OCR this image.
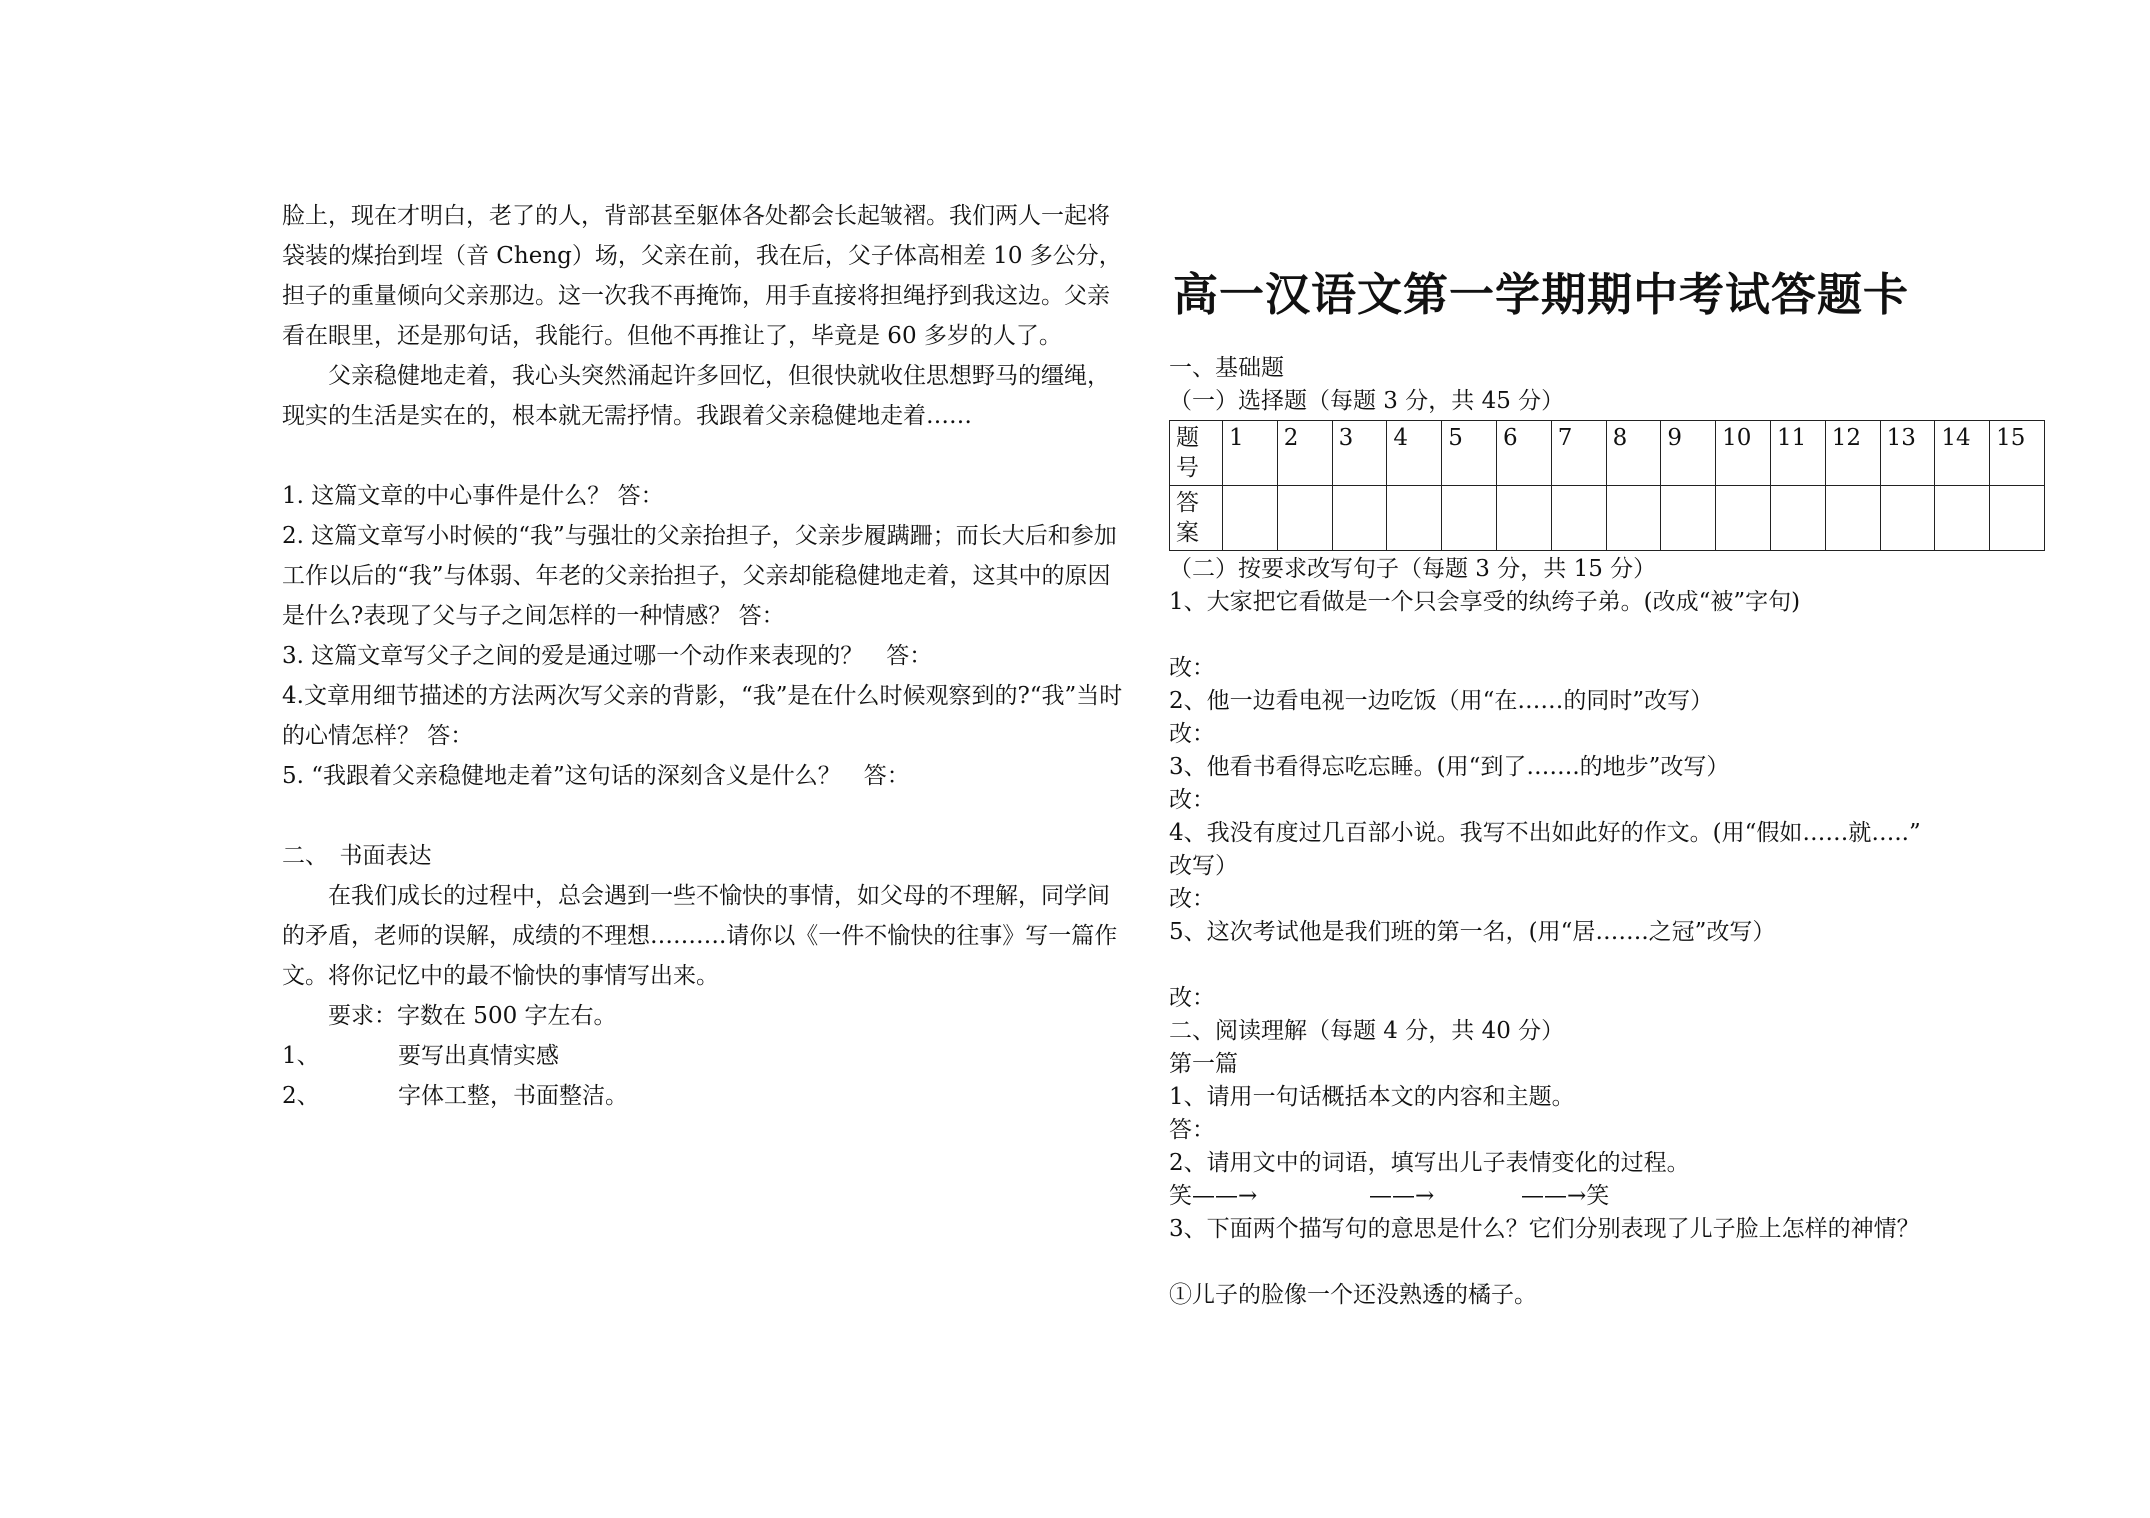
脸上，现在才明白，老了的人，背部甚至躯体各处都会长起皱褶。我们两人一起将袋装的煤抬到埕（音 Cheng）场，父亲在前，我在后，父子体高相差 10 多公分，担子的重量倾向父亲那边。这一次我不再掩饰，用手直接将担绳抒到我这边。父亲看在眼里，还是那句话，我能行。但他不再推让了，毕竟是 60 多岁的人了。

父亲稳健地走着，我心头突然涌起许多回忆，但很快就收住思想野马的缰绳，现实的生活是实在的，根本就无需抒情。我跟着父亲稳健地走着……

1. 这篇文章的中心事件是什么？ 答：

2. 这篇文章写小时候的“我”与强壮的父亲抬担子，父亲步履蹒跚；而长大后和参加工作以后的“我”与体弱、年老的父亲抬担子，父亲却能稳健地走着，这其中的原因是什么?表现了父与子之间怎样的一种情感？ 答：

3. 这篇文章写父子之间的爱是通过哪一个动作来表现的？　答：

4.文章用细节描述的方法两次写父亲的背影，“我”是在什么时候观察到的?“我”当时的心情怎样？ 答：

5. “我跟着父亲稳健地走着”这句话的深刻含义是什么？　答：

二、　书面表达

在我们成长的过程中，总会遇到一些不愉快的事情，如父母的不理解，同学间的矛盾，老师的误解，成绩的不理想……….请你以《一件不愉快的往事》写一篇作文。将你记忆中的最不愉快的事情写出来。

要求：字数在 500 字左右。

1、	要写出真情实感
2、	字体工整，书面整洁。
高一汉语文第一学期期中考试答题卡

一、基础题

（一）选择题（每题 3 分，共 45 分）

题号	1	2	3	4	5	6	7	8	9	10	11	12	13	14	15
答案															

（二）按要求改写句子（每题 3 分，共 15 分）

1、大家把它看做是一个只会享受的纨绔子弟。(改成“被”字句)

改：

2、他一边看电视一边吃饭（用“在……的同时”改写）

改：

3、他看书看得忘吃忘睡。(用“到了…….的地步”改写）

改：

4、我没有度过几百部小说。我写不出如此好的作文。(用“假如……就…..”

改写）

改：

5、这次考试他是我们班的第一名，(用“居…….之冠”改写）

改：

二、阅读理解（每题 4 分，共 40 分）

第一篇

1、请用一句话概括本文的内容和主题。

答：

2、请用文中的词语，填写出儿子表情变化的过程。

笑——→	——→	——→笑

3、下面两个描写句的意思是什么？它们分别表现了儿子脸上怎样的神情？

①儿子的脸像一个还没熟透的橘子。
